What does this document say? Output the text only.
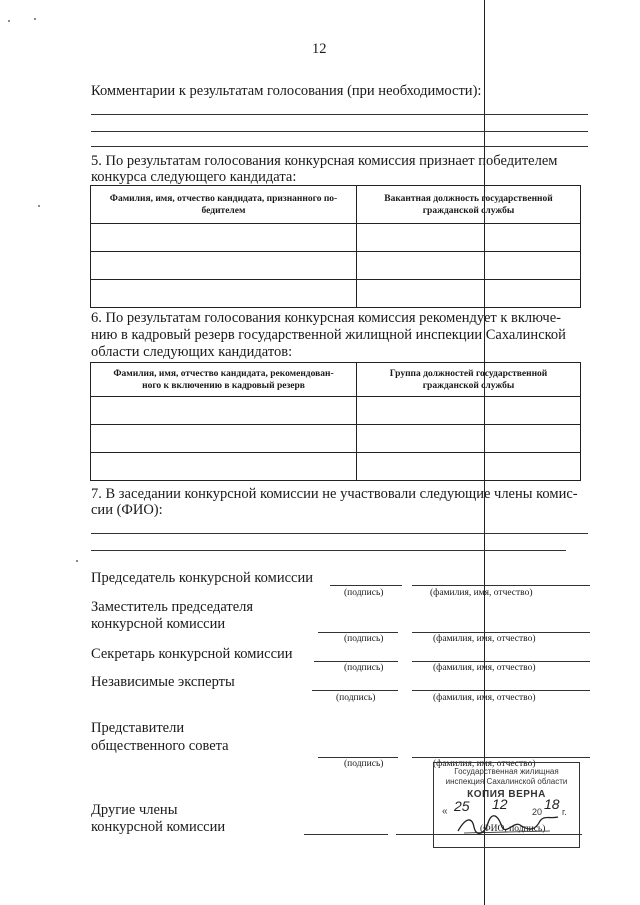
12
Комментарии к результатам голосования (при необходимости):
5. По результатам голосования конкурсная комиссия признает победителем
конкурса следующего кандидата:
Фамилия, имя, отчество кандидата, признанного по-
бедителем	Вакантная должность государственной
гражданской службы

6. По результатам голосования конкурсная комиссия рекомендует к включе-
нию в кадровый резерв государственной жилищной инспекции Сахалинской
области следующих кандидатов:
Фамилия, имя, отчество кандидата, рекомендован-
ного к включению в кадровый резерв	Группа должностей государственной
гражданской службы

7. В заседании конкурсной комиссии не участвовали следующие члены комис-
сии (ФИО):
Председатель конкурсной комиссии
(подпись)	(фамилия, имя, отчество)
Заместитель председателя
конкурсной комиссии
(подпись)	(фамилия, имя, отчество)
Секретарь конкурсной комиссии
(подпись)	(фамилия, имя, отчество)
Независимые эксперты
(подпись)	(фамилия, имя, отчество)
Представители
общественного совета
(подпись)	(фамилия, имя, отчество)
Другие члены
конкурсной комиссии	(ФИО, подпись)
Государственная жилищная
инспекция Сахалинской области
КОПИЯ ВЕРНА
« 25 12	20 18 г.
